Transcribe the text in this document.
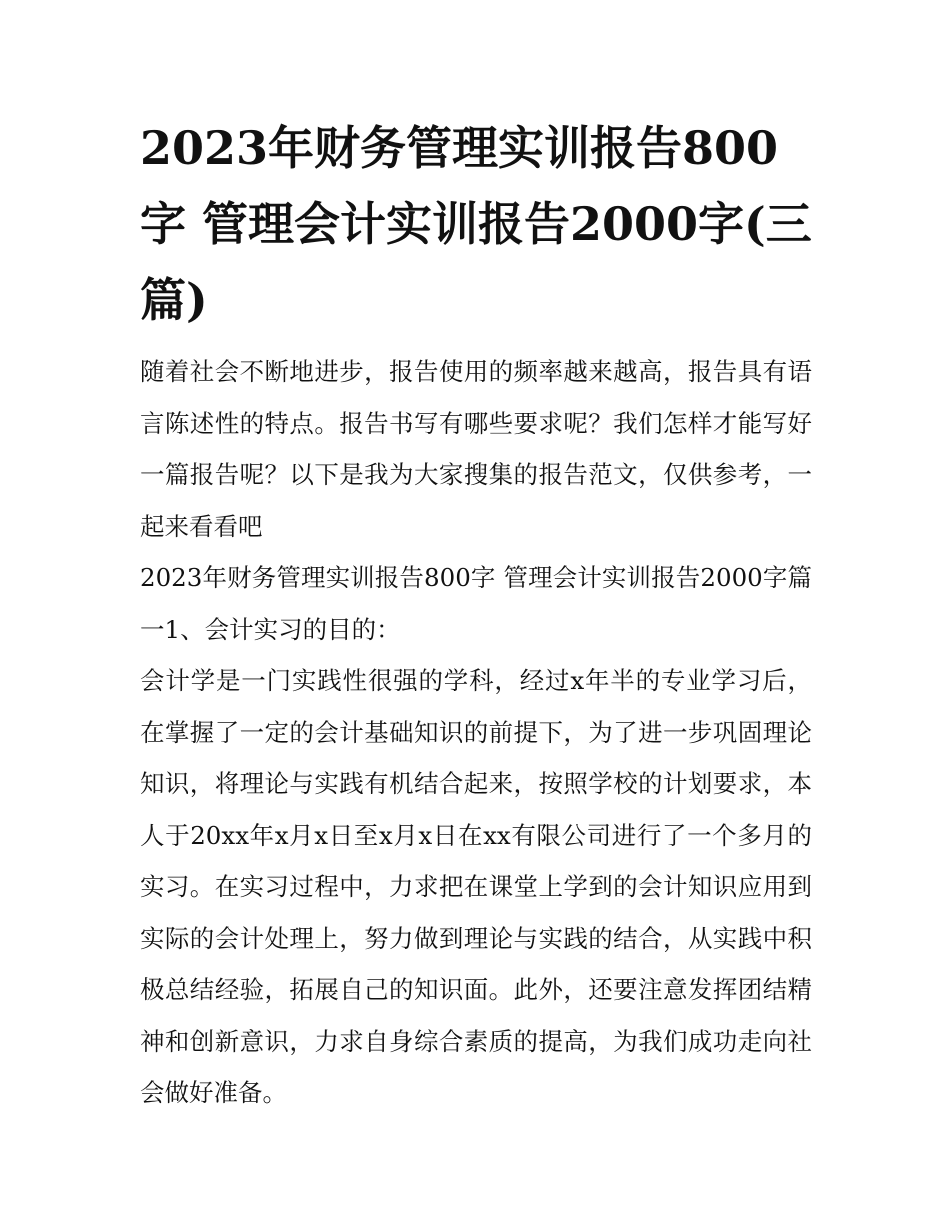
2023年财务管理实训报告800字 管理会计实训报告2000字(三篇)

随着社会不断地进步，报告使用的频率越来越高，报告具有语言陈述性的特点。报告书写有哪些要求呢？我们怎样才能写好一篇报告呢？以下是我为大家搜集的报告范文，仅供参考，一起来看看吧

2023年财务管理实训报告800字 管理会计实训报告2000字篇一1、会计实习的目的：

会计学是一门实践性很强的学科，经过x年半的专业学习后，在掌握了一定的会计基础知识的前提下，为了进一步巩固理论知识，将理论与实践有机结合起来，按照学校的计划要求，本人于20xx年x月x日至x月x日在xx有限公司进行了一个多月的实习。在实习过程中，力求把在课堂上学到的会计知识应用到实际的会计处理上，努力做到理论与实践的结合，从实践中积极总结经验，拓展自己的知识面。此外，还要注意发挥团结精神和创新意识，力求自身综合素质的提高，为我们成功走向社会做好准备。
